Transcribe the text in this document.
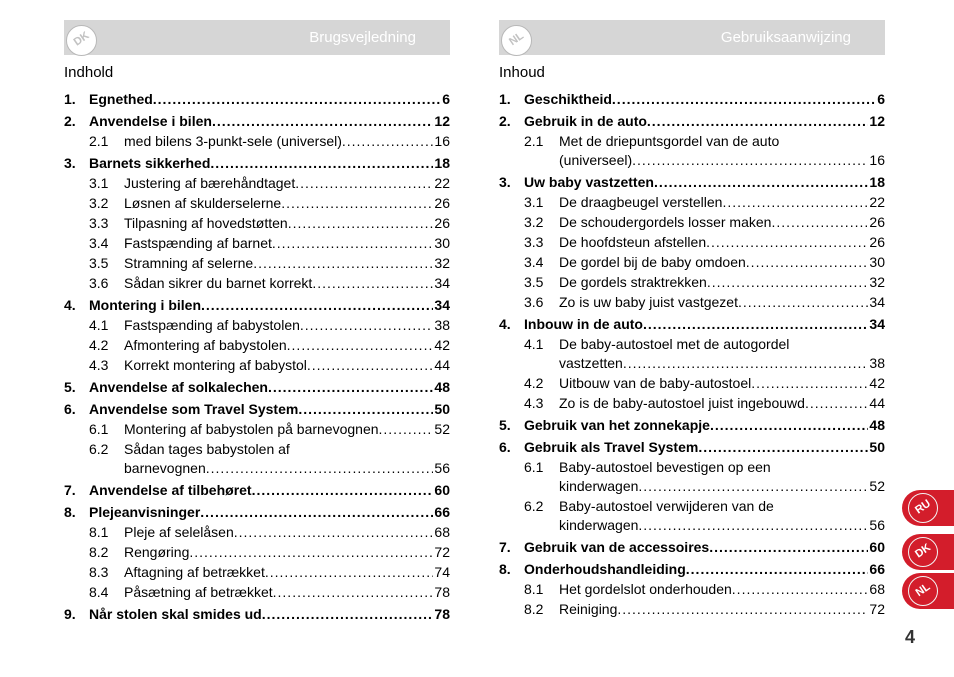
DK	Brugsvejledning
Indhold
1. Egnethed .....	6
2. Anvendelse i bilen .....	12
2.1	med bilens 3-punkt-sele (universel) .....	16
3. Barnets sikkerhed .....	18
3.1	Justering af bærehåndtaget .....	22
3.2	Løsnen af skulderselerne .....	26
3.3	Tilpasning af hovedstøtten .....	26
3.4	Fastspænding af barnet .....	30
3.5	Stramning af selerne .....	32
3.6	Sådan sikrer du barnet korrekt .....	34
4. Montering i bilen .....	34
4.1	Fastspænding af babystolen .....	38
4.2	Afmontering af babystolen .....	42
4.3	Korrekt montering af babystol .....	44
5. Anvendelse af solkalechen .....	48
6. Anvendelse som Travel System .....	50
6.1	Montering af babystolen på barnevognen .....	52
6.2	Sådan tages babystolen af
barnevognen .....	56
7. Anvendelse af tilbehøret .....	60
8. Plejeanvisninger .....	66
8.1	Pleje af selelåsen .....	68
8.2	Rengøring .....	72
8.3	Aftagning af betrækket .....	74
8.4	Påsætning af betrækket .....	78
9. Når stolen skal smides ud .....	78
NL	Gebruiksaanwijzing
Inhoud
1. Geschiktheid .....	6
2. Gebruik in de auto .....	12
2.1	Met de driepuntsgordel van de auto
(universeel) .....	16
3. Uw baby vastzetten .....	18
3.1	De draagbeugel verstellen .....	22
3.2	De schoudergordels losser maken .....	26
3.3	De hoofdsteun afstellen .....	26
3.4	De gordel bij de baby omdoen .....	30
3.5	De gordels straktrekken .....	32
3.6	Zo is uw baby juist vastgezet .....	34
4. Inbouw in de auto .....	34
4.1	De baby-autostoel met de autogordel
vastzetten .....	38
4.2	Uitbouw van de baby-autostoel .....	42
4.3	Zo is de baby-autostoel juist ingebouwd .....	44
5. Gebruik van het zonnekapje .....	48
6. Gebruik als Travel System .....	50
6.1	Baby-autostoel bevestigen op een
kinderwagen .....	52
6.2	Baby-autostoel verwijderen van de
kinderwagen .....	56
7. Gebruik van de accessoires .....	60
8. Onderhoudshandleiding .....	66
8.1	Het gordelslot onderhouden .....	68
8.2	Reiniging .....	72
RU
DK
NL
4
